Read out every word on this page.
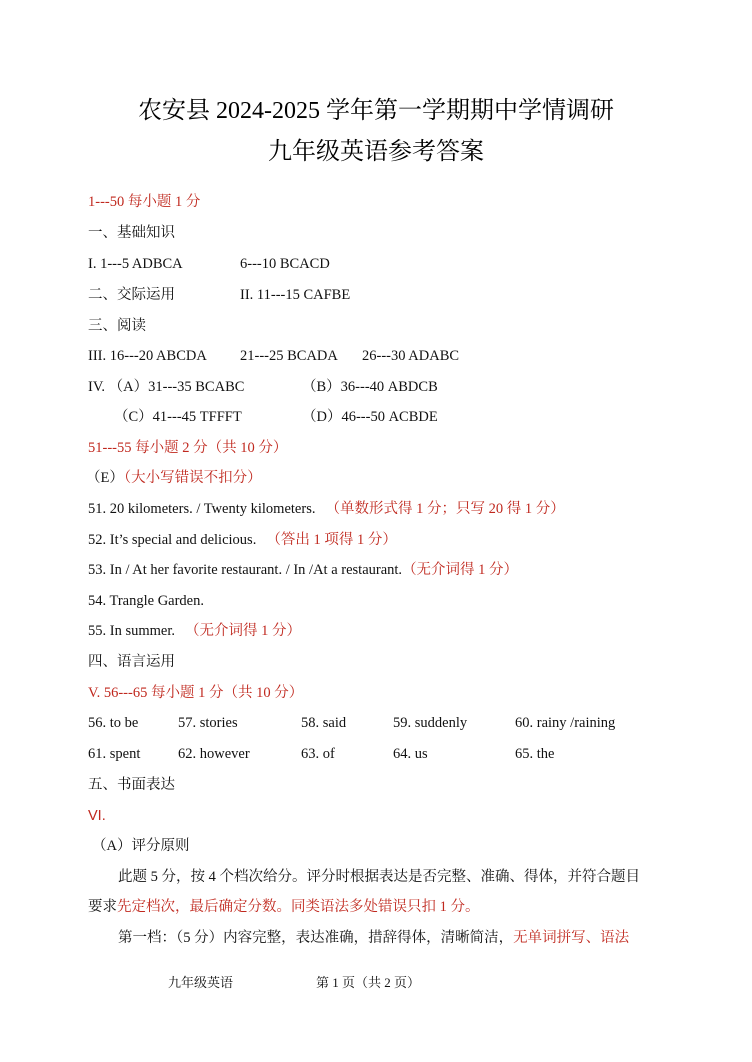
农安县 2024-2025 学年第一学期期中学情调研
九年级英语参考答案
1---50 每小题 1 分
一、基础知识
I. 1---5 ADBCA	6---10 BCACD
二、交际运用	II. 11---15 CAFBE
三、阅读
III. 16---20 ABCDA 21---25 BCADA 26---30 ADABC
IV. （A）31---35 BCABC	（B）36---40 ABDCB
（C）41---45 TFFFT	（D）46---50 ACBDE
51---55 每小题 2 分（共 10 分）
（E）（大小写错误不扣分）
51. 20 kilometers. / Twenty kilometers. （单数形式得 1 分；只写 20 得 1 分）
52. It’s special and delicious. （答出 1 项得 1 分）
53. In / At her favorite restaurant. / In /At a restaurant.（无介词得 1 分）
54. Trangle Garden.
55. In summer. （无介词得 1 分）
四、语言运用
V. 56---65 每小题 1 分（共 10 分）
56. to be	57. stories	58. said	59. suddenly	60. rainy /raining
61. spent	62. however	63. of	64. us	65. the
五、书面表达
VI.
（A）评分原则
此题 5 分，按 4 个档次给分。评分时根据表达是否完整、准确、得体，并符合题目
要求先定档次，最后确定分数。同类语法多处错误只扣 1 分。
第一档：（5 分）内容完整，表达准确，措辞得体，清晰简洁，无单词拼写、语法
九年级英语	第 1 页（共 2 页）
